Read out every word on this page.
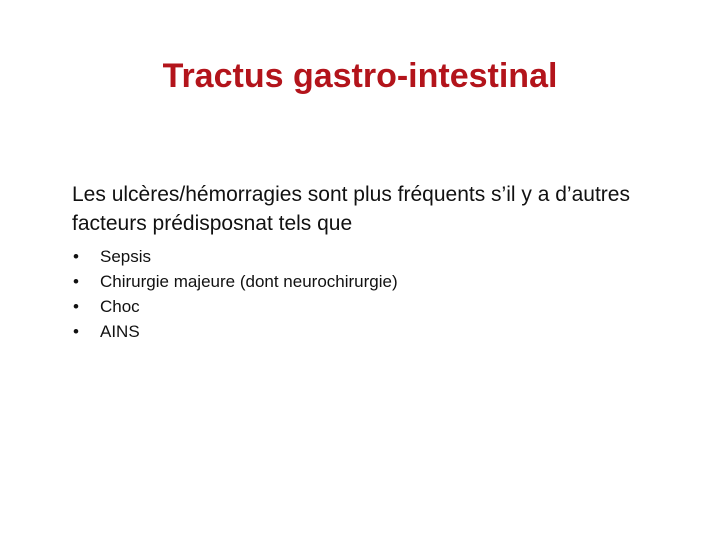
Tractus gastro-intestinal

Les ulcères/hémorragies sont plus fréquents s’il y a d’autres facteurs prédisposnat tels que

•	Sepsis
•	Chirurgie majeure (dont neurochirurgie)
•	Choc
•	AINS
